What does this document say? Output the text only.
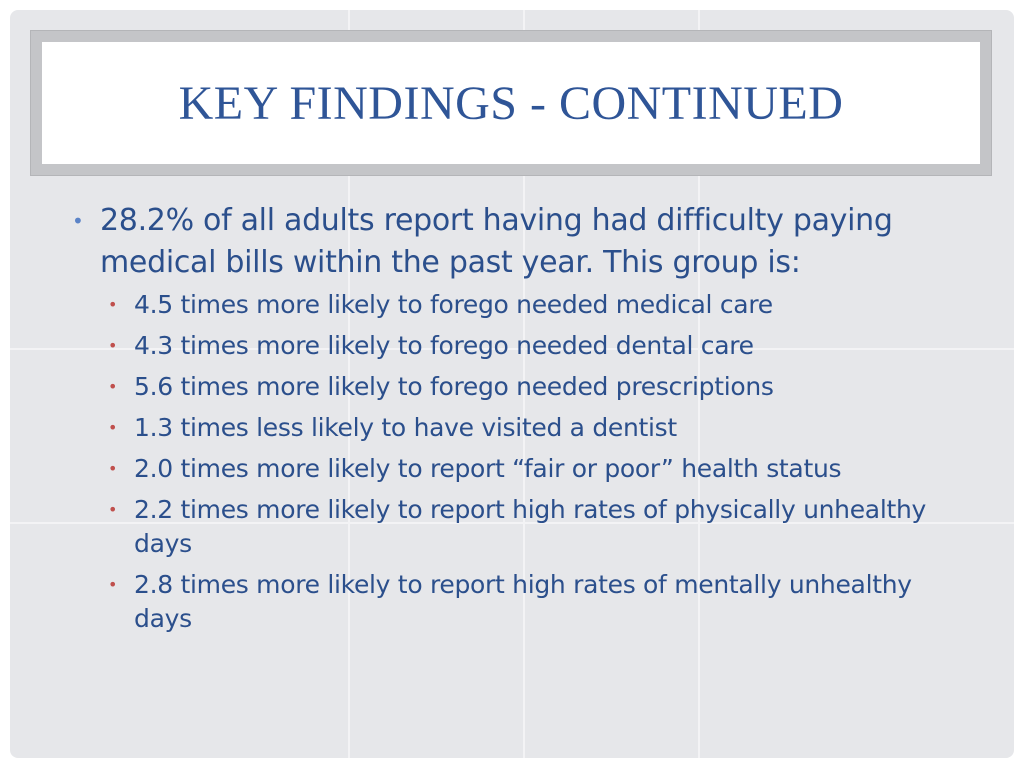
KEY FINDINGS - CONTINUED
• 28.2% of all adults report having had difficulty paying medical bills within the past year. This group is:
• 4.5 times more likely to forego needed medical care
• 4.3 times more likely to forego needed dental care
• 5.6 times more likely to forego needed prescriptions
• 1.3 times less likely to have visited a dentist
• 2.0 times more likely to report “fair or poor” health status
• 2.2 times more likely to report high rates of physically unhealthy days
• 2.8 times more likely to report high rates of mentally unhealthy days
